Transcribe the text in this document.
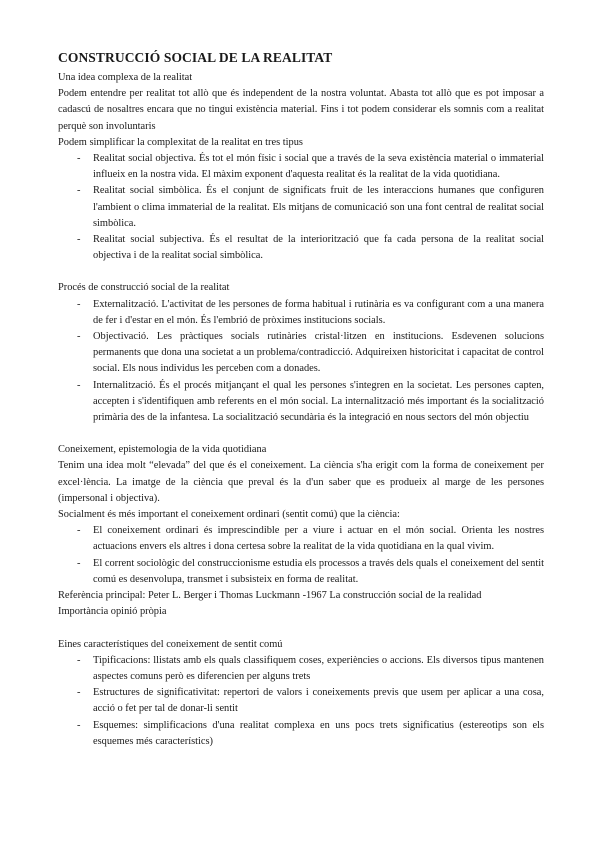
CONSTRUCCIÓ SOCIAL DE LA REALITAT

Una idea complexa de la realitat

Podem entendre per realitat tot allò que és independent de la nostra voluntat. Abasta tot allò que es pot imposar a cadascú de nosaltres encara que no tingui existència material. Fins i tot podem considerar els somnis com a realitat perquè son involuntaris

Podem simplificar la complexitat de la realitat en tres tipus

- Realitat social objectiva. És tot el món físic i social que a través de la seva existència material o immaterial influeix en la nostra vida. El màxim exponent d'aquesta realitat és la realitat de la vida quotidiana.
- Realitat social simbòlica. És el conjunt de significats fruit de les interaccions humanes que configuren l'ambient o clima immaterial de la realitat. Els mitjans de comunicació son una font central de realitat social simbòlica.
- Realitat social subjectiva. És el resultat de la interiorització que fa cada persona de la realitat social objectiva i de la realitat social simbòlica.

Procés de construcció social de la realitat

- Externalització. L'activitat de les persones de forma habitual i rutinària es va configurant com a una manera de fer i d'estar en el món. És l'embrió de pròximes institucions socials.
- Objectivació. Les pràctiques socials rutinàries cristal·litzen en institucions. Esdevenen solucions permanents que dona una societat a un problema/contradicció. Adquireixen historicitat i capacitat de control social. Els nous individus les perceben com a donades.
- Internalització. És el procés mitjançant el qual les persones s'integren en la societat. Les persones capten, accepten i s'identifiquen amb referents en el món social. La internalització més important és la socialització primària des de la infantesa. La socialització secundària és la integració en nous sectors del món objectiu

Coneixement, epistemologia de la vida quotidiana

Tenim una idea molt “elevada” del que és el coneixement. La ciència s'ha erigit com la forma de coneixement per excel·lència. La imatge de la ciència que preval és la d'un saber que es produeix al marge de les persones (impersonal i objectiva).

Socialment és més important el coneixement ordinari (sentit comú) que la ciència:

- El coneixement ordinari és imprescindible per a viure i actuar en el món social. Orienta les nostres actuacions envers els altres i dona certesa sobre la realitat de la vida quotidiana en la qual vivim.
- El corrent sociològic del construccionisme estudia els processos a través dels quals el coneixement del sentit comú es desenvolupa, transmet i subsisteix en forma de realitat.

Referència principal: Peter L. Berger i Thomas Luckmann -1967 La construcción social de la realidad

Importància opinió pròpia

Eines característiques del coneixement de sentit comú

- Tipificacions: llistats amb els quals classifiquem coses, experiències o accions. Els diversos tipus mantenen aspectes comuns però es diferencien per alguns trets
- Estructures de significativitat: repertori de valors i coneixements previs que usem per aplicar a una cosa, acció o fet per tal de donar-li sentit
- Esquemes: simplificacions d'una realitat complexa en uns pocs trets significatius (estereotips son els esquemes més característics)
